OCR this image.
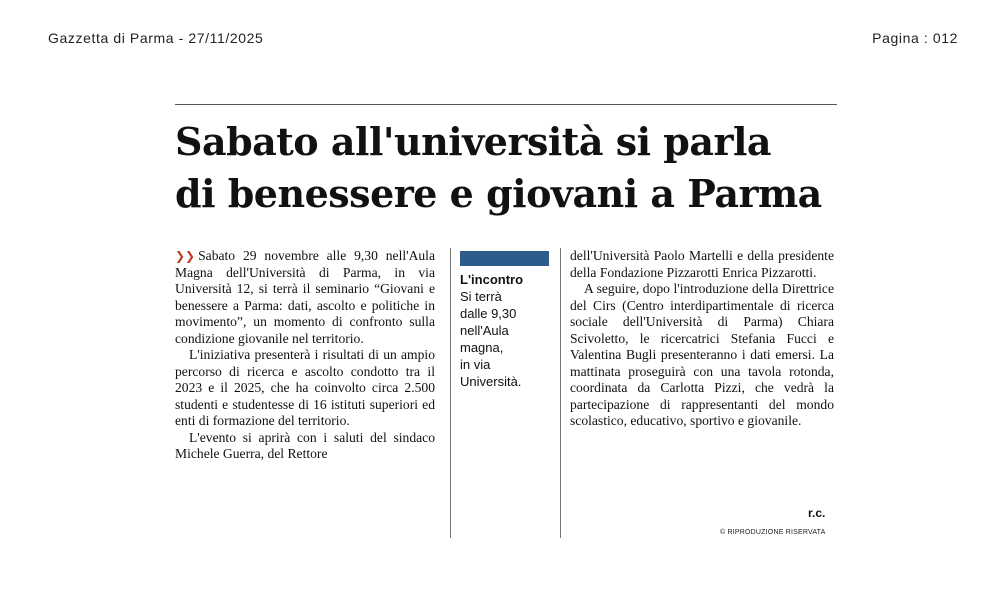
Gazzetta di Parma - 27/11/2025	Pagina : 012
Sabato all'università si parla
di benessere e giovani a Parma

❯❯ Sabato 29 novembre alle 9,30 nell'Aula Magna dell'Università di Parma, in via Università 12, si terrà il seminario “Giovani e benessere a Parma: dati, ascolto e politiche in movimento”, un momento di confronto sulla condizione giovanile nel territorio.

L'iniziativa presenterà i risultati di un ampio percorso di ricerca e ascolto condotto tra il 2023 e il 2025, che ha coinvolto circa 2.500 studenti e studentesse di 16 istituti superiori ed enti di formazione del territorio.

L'evento si aprirà con i saluti del sindaco Michele Guerra, del Rettore

L'incontro
Si terrà
dalle 9,30
nell'Aula
magna,
in via
Università.

dell'Università Paolo Martelli e della presidente della Fondazione Pizzarotti Enrica Pizzarotti.

A seguire, dopo l'introduzione della Direttrice del Cirs (Centro interdipartimentale di ricerca sociale dell'Università di Parma) Chiara Scivoletto, le ricercatrici Stefania Fucci e Valentina Bugli presenteranno i dati emersi. La mattinata proseguirà con una tavola rotonda, coordinata da Carlotta Pizzi, che vedrà la partecipazione di rappresentanti del mondo scolastico, educativo, sportivo e giovanile.

r.c.
© RIPRODUZIONE RISERVATA
